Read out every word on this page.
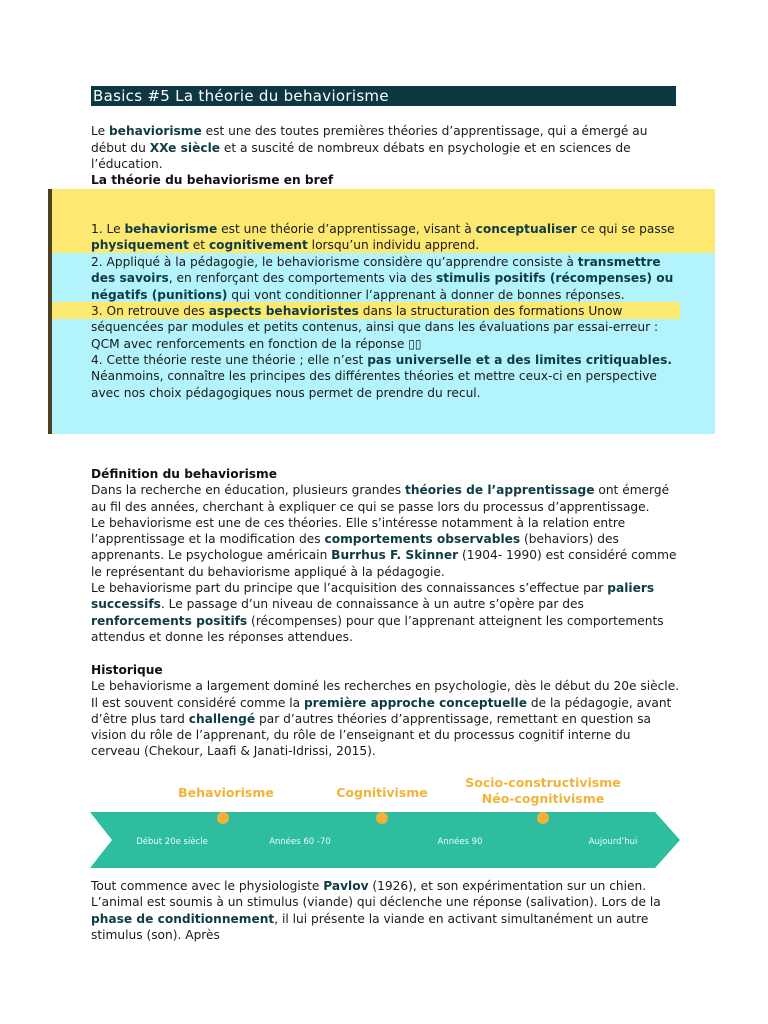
Basics #5 La théorie du behaviorisme

Le behaviorisme est une des toutes premières théories d’apprentissage, qui a émergé au début du XXe siècle et a suscité de nombreux débats en psychologie et en sciences de l’éducation.

La théorie du behaviorisme en bref

1. Le behaviorisme est une théorie d’apprentissage, visant à conceptualiser ce qui se passe physiquement et cognitivement lorsqu’un individu apprend.

2. Appliqué à la pédagogie, le behaviorisme considère qu’apprendre consiste à transmettre des savoirs, en renforçant des comportements via des stimulis positifs (récompenses) ou négatifs (punitions) qui vont conditionner l’apprenant à donner de bonnes réponses.

3. On retrouve des aspects behavioristes dans la structuration des formations Unow séquencées par modules et petits contenus, ainsi que dans les évaluations par essai-erreur : QCM avec renforcements en fonction de la réponse ▯▯

4. Cette théorie reste une théorie ; elle n’est pas universelle et a des limites critiquables. Néanmoins, connaître les principes des différentes théories et mettre ceux-ci en perspective avec nos choix pédagogiques nous permet de prendre du recul.

Définition du behaviorisme

Dans la recherche en éducation, plusieurs grandes théories de l’apprentissage ont émergé au fil des années, cherchant à expliquer ce qui se passe lors du processus d’apprentissage.

Le behaviorisme est une de ces théories. Elle s’intéresse notamment à la relation entre l’apprentissage et la modification des comportements observables (behaviors) des apprenants. Le psychologue américain Burrhus F. Skinner (1904- 1990) est considéré comme le représentant du behaviorisme appliqué à la pédagogie.

Le behaviorisme part du principe que l’acquisition des connaissances s’effectue par paliers successifs. Le passage d’un niveau de connaissance à un autre s’opère par des renforcements positifs (récompenses) pour que l’apprenant atteignent les comportements attendus et donne les réponses attendues.

Historique

Le behaviorisme a largement dominé les recherches en psychologie, dès le début du 20e siècle. Il est souvent considéré comme la première approche conceptuelle de la pédagogie, avant d’être plus tard challengé par d’autres théories d’apprentissage, remettant en question sa vision du rôle de l’apprenant, du rôle de l’enseignant et du processus cognitif interne du cerveau (Chekour, Laafi & Janati-Idrissi, 2015).

Behaviorisme	Cognitivisme
Socio-constructivisme
Néo-cognitivisme
Début 20e siècle	Années 60 -70	Années 90	Aujourd’hui

Tout commence avec le physiologiste Pavlov (1926), et son expérimentation sur un chien. L’animal est soumis à un stimulus (viande) qui déclenche une réponse (salivation). Lors de la phase de conditionnement, il lui présente la viande en activant simultanément un autre stimulus (son). Après
